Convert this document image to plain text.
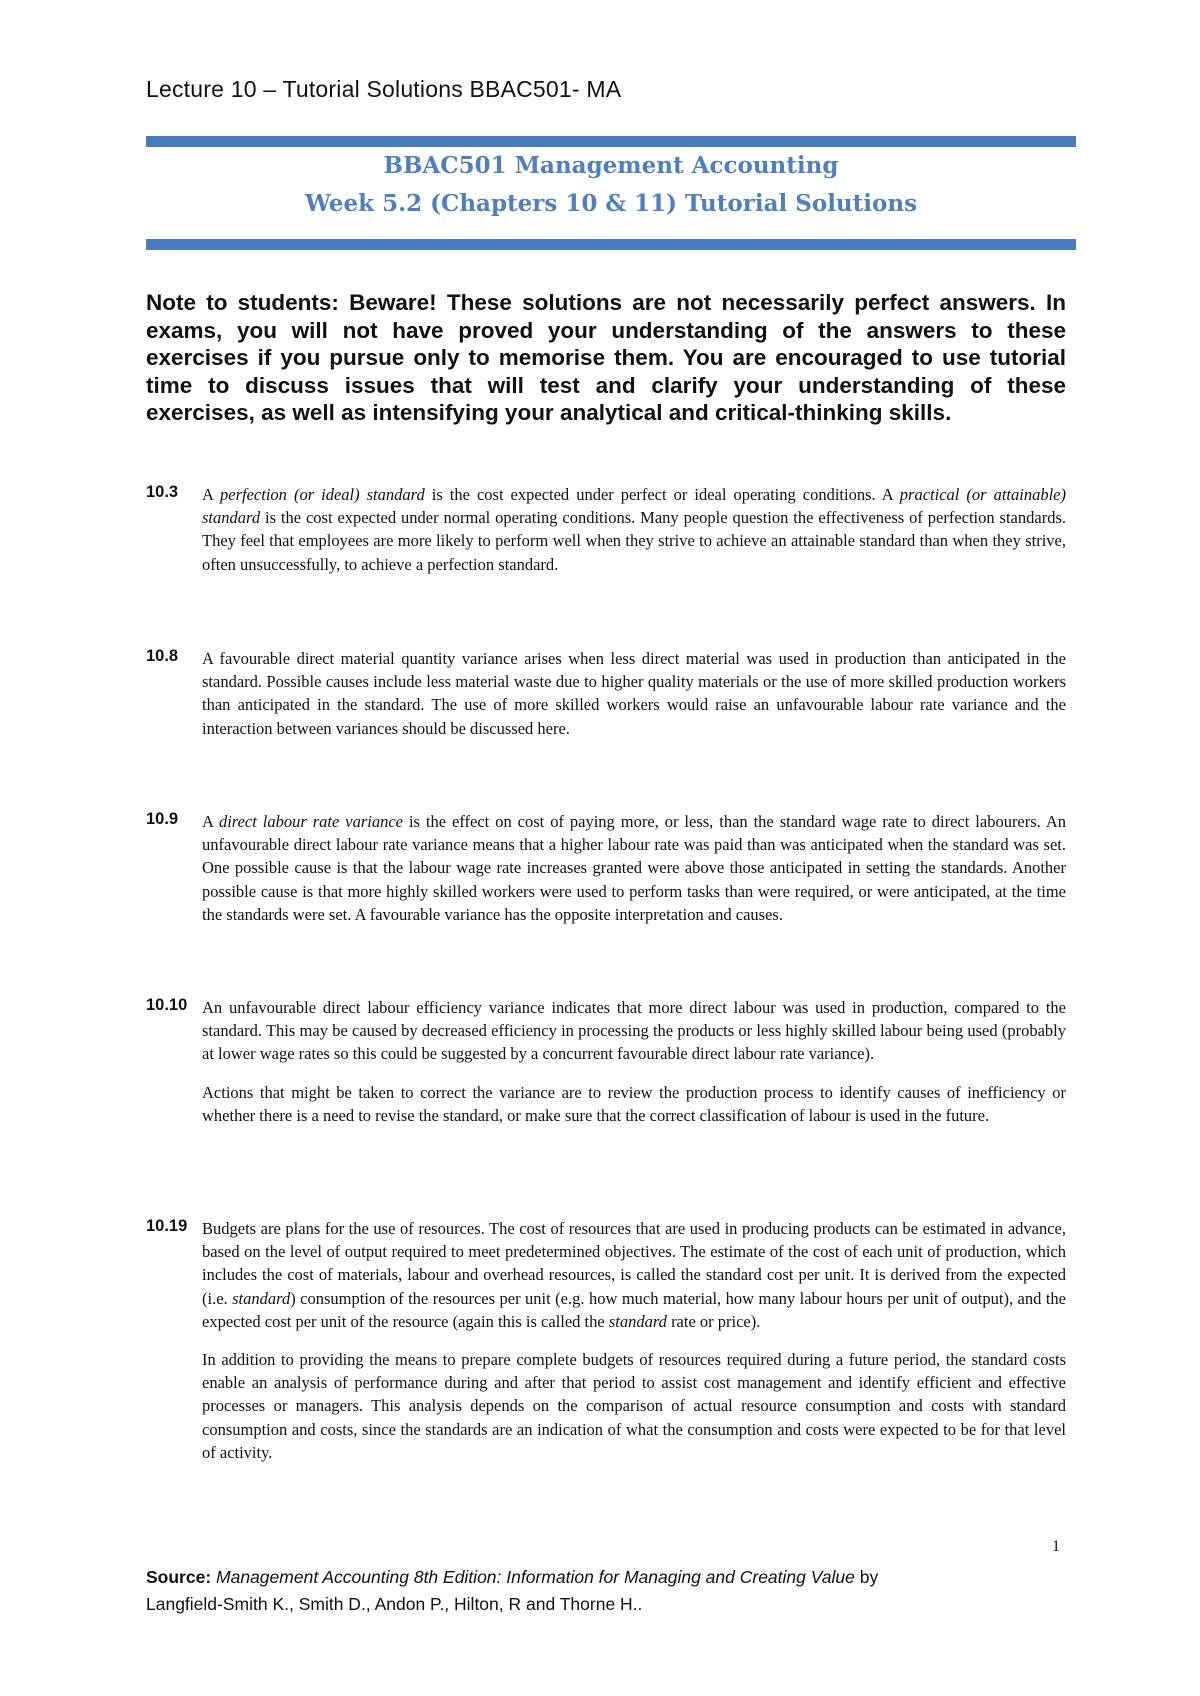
Lecture 10 – Tutorial Solutions BBAC501- MA
BBAC501 Management Accounting
Week 5.2 (Chapters 10 & 11) Tutorial Solutions
Note to students: Beware! These solutions are not necessarily perfect answers. In exams, you will not have proved your understanding of the answers to these exercises if you pursue only to memorise them. You are encouraged to use tutorial time to discuss issues that will test and clarify your understanding of these exercises, as well as intensifying your analytical and critical-thinking skills.
10.3 A perfection (or ideal) standard is the cost expected under perfect or ideal operating conditions. A practical (or attainable) standard is the cost expected under normal operating conditions. Many people question the effectiveness of perfection standards. They feel that employees are more likely to perform well when they strive to achieve an attainable standard than when they strive, often unsuccessfully, to achieve a perfection standard.

10.8 A favourable direct material quantity variance arises when less direct material was used in production than anticipated in the standard. Possible causes include less material waste due to higher quality materials or the use of more skilled production workers than anticipated in the standard. The use of more skilled workers would raise an unfavourable labour rate variance and the interaction between variances should be discussed here.

10.9 A direct labour rate variance is the effect on cost of paying more, or less, than the standard wage rate to direct labourers. An unfavourable direct labour rate variance means that a higher labour rate was paid than was anticipated when the standard was set. One possible cause is that the labour wage rate increases granted were above those anticipated in setting the standards. Another possible cause is that more highly skilled workers were used to perform tasks than were required, or were anticipated, at the time the standards were set. A favourable variance has the opposite interpretation and causes.

10.10 An unfavourable direct labour efficiency variance indicates that more direct labour was used in production, compared to the standard. This may be caused by decreased efficiency in processing the products or less highly skilled labour being used (probably at lower wage rates so this could be suggested by a concurrent favourable direct labour rate variance).

Actions that might be taken to correct the variance are to review the production process to identify causes of inefficiency or whether there is a need to revise the standard, or make sure that the correct classification of labour is used in the future.

10.19 Budgets are plans for the use of resources. The cost of resources that are used in producing products can be estimated in advance, based on the level of output required to meet predetermined objectives. The estimate of the cost of each unit of production, which includes the cost of materials, labour and overhead resources, is called the standard cost per unit. It is derived from the expected (i.e. standard) consumption of the resources per unit (e.g. how much material, how many labour hours per unit of output), and the expected cost per unit of the resource (again this is called the standard rate or price).

In addition to providing the means to prepare complete budgets of resources required during a future period, the standard costs enable an analysis of performance during and after that period to assist cost management and identify efficient and effective processes or managers. This analysis depends on the comparison of actual resource consumption and costs with standard consumption and costs, since the standards are an indication of what the consumption and costs were expected to be for that level of activity.

1
Source: Management Accounting 8th Edition: Information for Managing and Creating Value by
Langfield-Smith K., Smith D., Andon P., Hilton, R and Thorne H..
